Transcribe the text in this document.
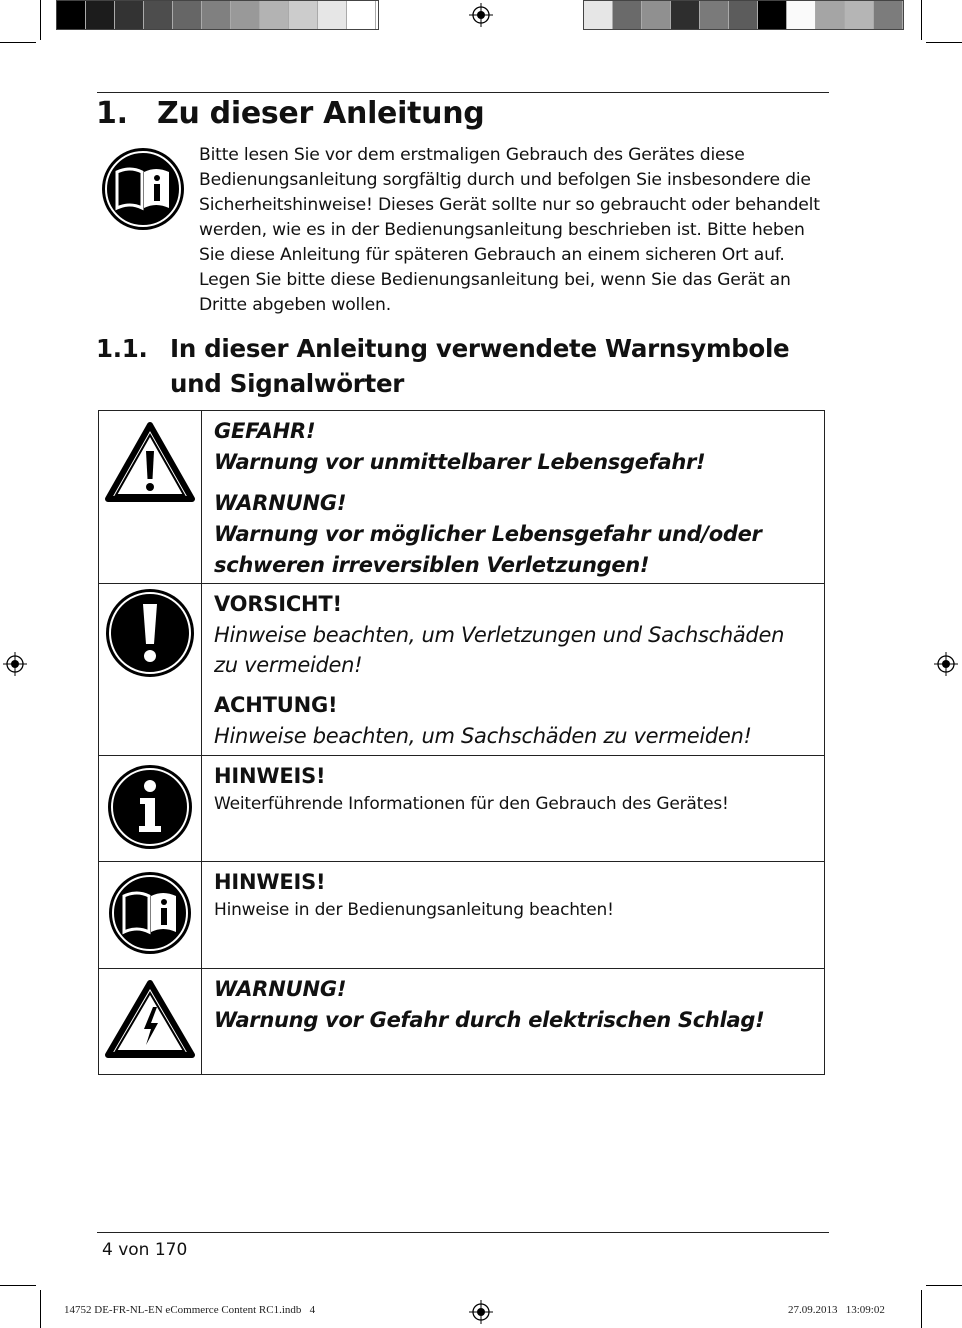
1. Zu dieser Anleitung

Bitte lesen Sie vor dem erstmaligen Gebrauch des Gerätes diese Bedienungsanleitung sorgfältig durch und befolgen Sie insbesondere die Sicherheitshinweise! Dieses Gerät sollte nur so gebraucht oder behandelt werden, wie es in der Bedienungsanleitung beschrieben ist. Bitte heben Sie diese Anleitung für späteren Gebrauch an einem sicheren Ort auf. Legen Sie bitte diese Bedienungsanleitung bei, wenn Sie das Gerät an Dritte abgeben wollen.

1.1. In dieser Anleitung verwendete Warnsymbole und Signalwörter

GEFAHR!
Warnung vor unmittelbarer Lebensgefahr!
WARNUNG!
Warnung vor möglicher Lebensgefahr und/oder schweren irreversiblen Verletzungen!

VORSICHT!
Hinweise beachten, um Verletzungen und Sachschäden zu vermeiden!
ACHTUNG!
Hinweise beachten, um Sachschäden zu vermeiden!

HINWEIS!
Weiterführende Informationen für den Gebrauch des Gerätes!

HINWEIS!
Hinweise in der Bedienungsanleitung beachten!

WARNUNG!
Warnung vor Gefahr durch elektrischen Schlag!
4 von 170
14752 DE-FR-NL-EN eCommerce Content RC1.indb   4	27.09.2013   13:09:02
